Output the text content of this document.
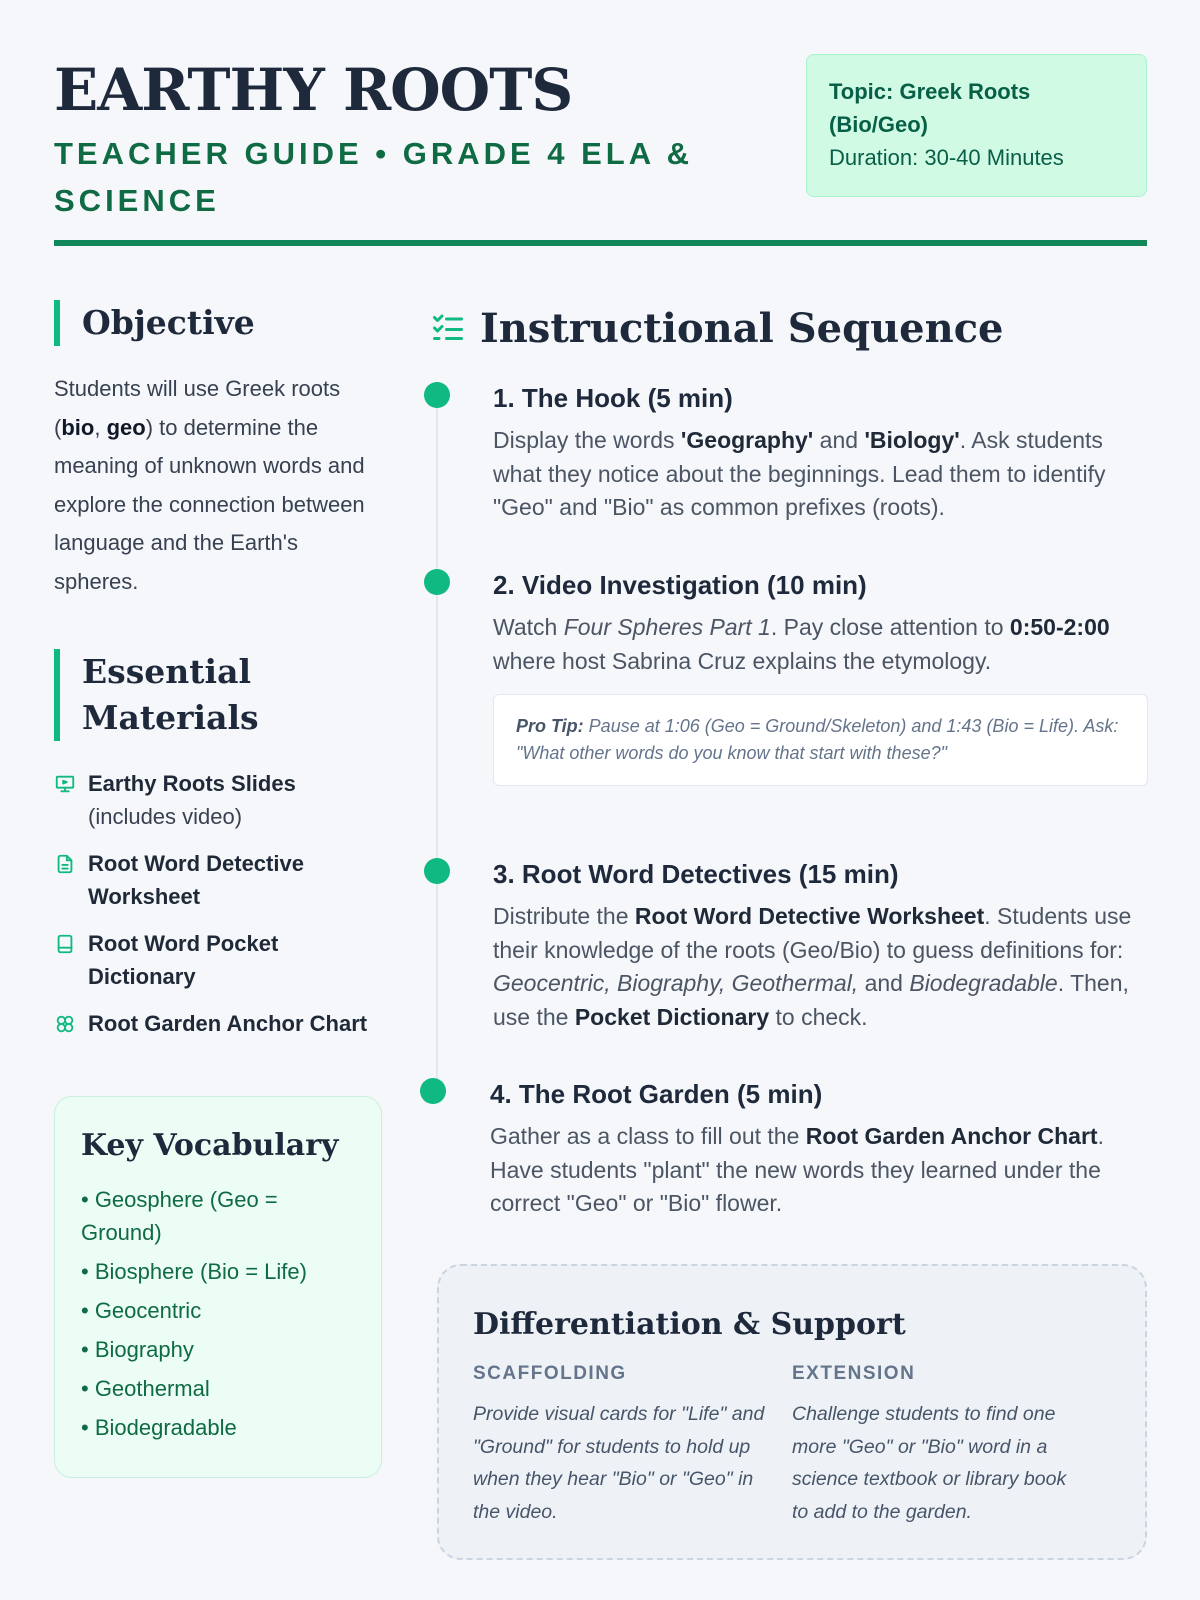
EARTHY ROOTS
TEACHER GUIDE • GRADE 4 ELA & SCIENCE
Topic: Greek Roots (Bio/Geo)
Duration: 30-40 Minutes
Objective

Students will use Greek roots (bio, geo) to determine the meaning of unknown words and explore the connection between language and the Earth's spheres.

Essential Materials
Earthy Roots Slides
(includes video)
Root Word Detective Worksheet
Root Word Pocket Dictionary
Root Garden Anchor Chart
Key Vocabulary
• Geosphere (Geo = Ground)
• Biosphere (Bio = Life)
• Geocentric
• Biography
• Geothermal
• Biodegradable
Instructional Sequence
1. The Hook (5 min)

Display the words 'Geography' and 'Biology'. Ask students what they notice about the beginnings. Lead them to identify "Geo" and "Bio" as common prefixes (roots).

2. Video Investigation (10 min)

Watch Four Spheres Part 1. Pay close attention to 0:50-2:00 where host Sabrina Cruz explains the etymology.

Pro Tip: Pause at 1:06 (Geo = Ground/Skeleton) and 1:43 (Bio = Life). Ask: "What other words do you know that start with these?"
3. Root Word Detectives (15 min)

Distribute the Root Word Detective Worksheet. Students use their knowledge of the roots (Geo/Bio) to guess definitions for: Geocentric, Biography, Geothermal, and Biodegradable. Then, use the Pocket Dictionary to check.

4. The Root Garden (5 min)

Gather as a class to fill out the Root Garden Anchor Chart. Have students "plant" the new words they learned under the correct "Geo" or "Bio" flower.

Differentiation & Support
SCAFFOLDING

Provide visual cards for "Life" and "Ground" for students to hold up when they hear "Bio" or "Geo" in the video.

EXTENSION

Challenge students to find one more "Geo" or "Bio" word in a science textbook or library book to add to the garden.
